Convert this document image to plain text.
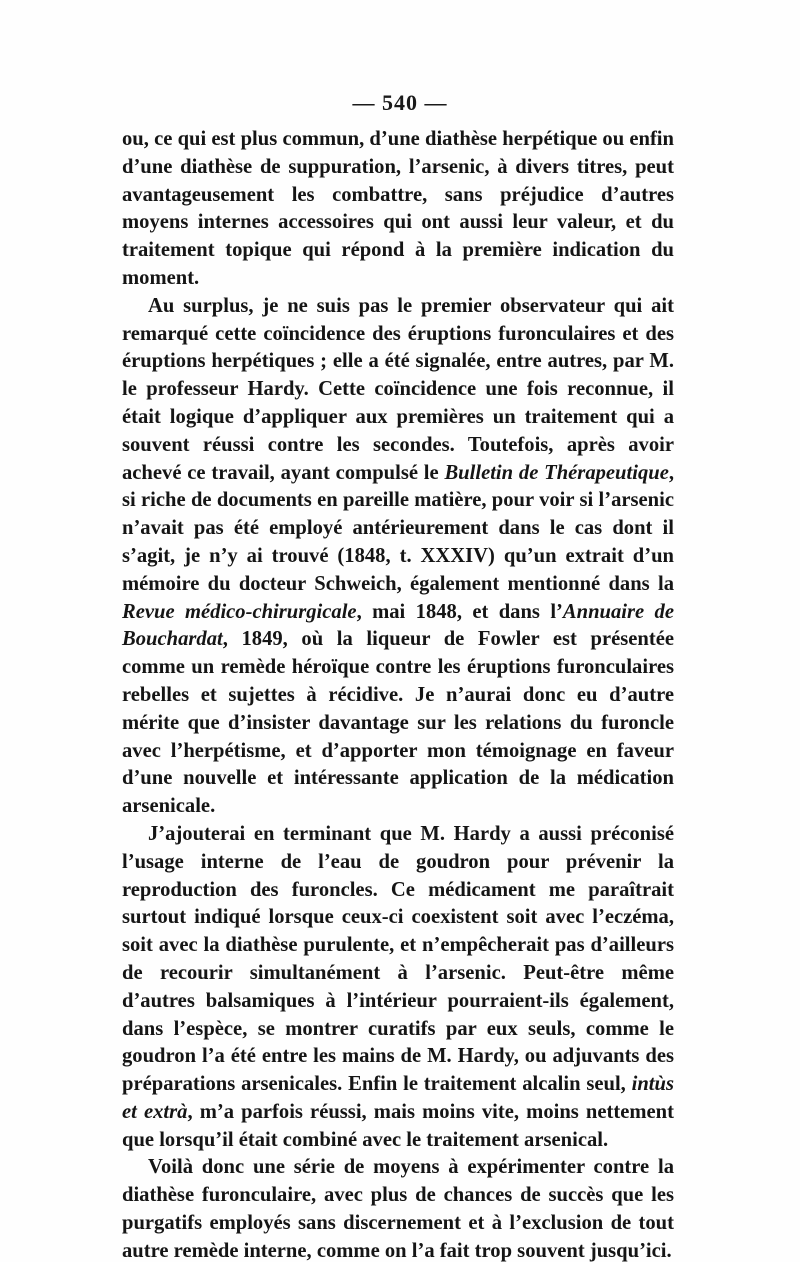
— 540 —

ou, ce qui est plus commun, d’une diathèse herpétique ou enfin d’une diathèse de suppuration, l’arsenic, à divers titres, peut avantageusement les combattre, sans préjudice d’autres moyens internes accessoires qui ont aussi leur valeur, et du traitement topique qui répond à la première indication du moment.

Au surplus, je ne suis pas le premier observateur qui ait remarqué cette coïncidence des éruptions furonculaires et des éruptions herpétiques ; elle a été signalée, entre autres, par M. le professeur Hardy. Cette coïncidence une fois reconnue, il était logique d’appliquer aux premières un traitement qui a souvent réussi contre les secondes. Toutefois, après avoir achevé ce travail, ayant compulsé le Bulletin de Thérapeutique, si riche de documents en pareille matière, pour voir si l’arsenic n’avait pas été employé antérieurement dans le cas dont il s’agit, je n’y ai trouvé (1848, t. XXXIV) qu’un extrait d’un mémoire du docteur Schweich, également mentionné dans la Revue médico-chirurgicale, mai 1848, et dans l’Annuaire de Bouchardat, 1849, où la liqueur de Fowler est présentée comme un remède héroïque contre les éruptions furonculaires rebelles et sujettes à récidive. Je n’aurai donc eu d’autre mérite que d’insister davantage sur les relations du furoncle avec l’herpétisme, et d’apporter mon témoignage en faveur d’une nouvelle et intéressante application de la médication arsenicale.

J’ajouterai en terminant que M. Hardy a aussi préconisé l’usage interne de l’eau de goudron pour prévenir la reproduction des furoncles. Ce médicament me paraîtrait surtout indiqué lorsque ceux-ci coexistent soit avec l’eczéma, soit avec la diathèse purulente, et n’empêcherait pas d’ailleurs de recourir simultanément à l’arsenic. Peut-être même d’autres balsamiques à l’intérieur pourraient-ils également, dans l’espèce, se montrer curatifs par eux seuls, comme le goudron l’a été entre les mains de M. Hardy, ou adjuvants des préparations arsenicales. Enfin le traitement alcalin seul, intùs et extrà, m’a parfois réussi, mais moins vite, moins nettement que lorsqu’il était combiné avec le traitement arsenical.

Voilà donc une série de moyens à expérimenter contre la diathèse furonculaire, avec plus de chances de succès que les purgatifs employés sans discernement et à l’exclusion de tout autre remède interne, comme on l’a fait trop souvent jusqu’ici.
